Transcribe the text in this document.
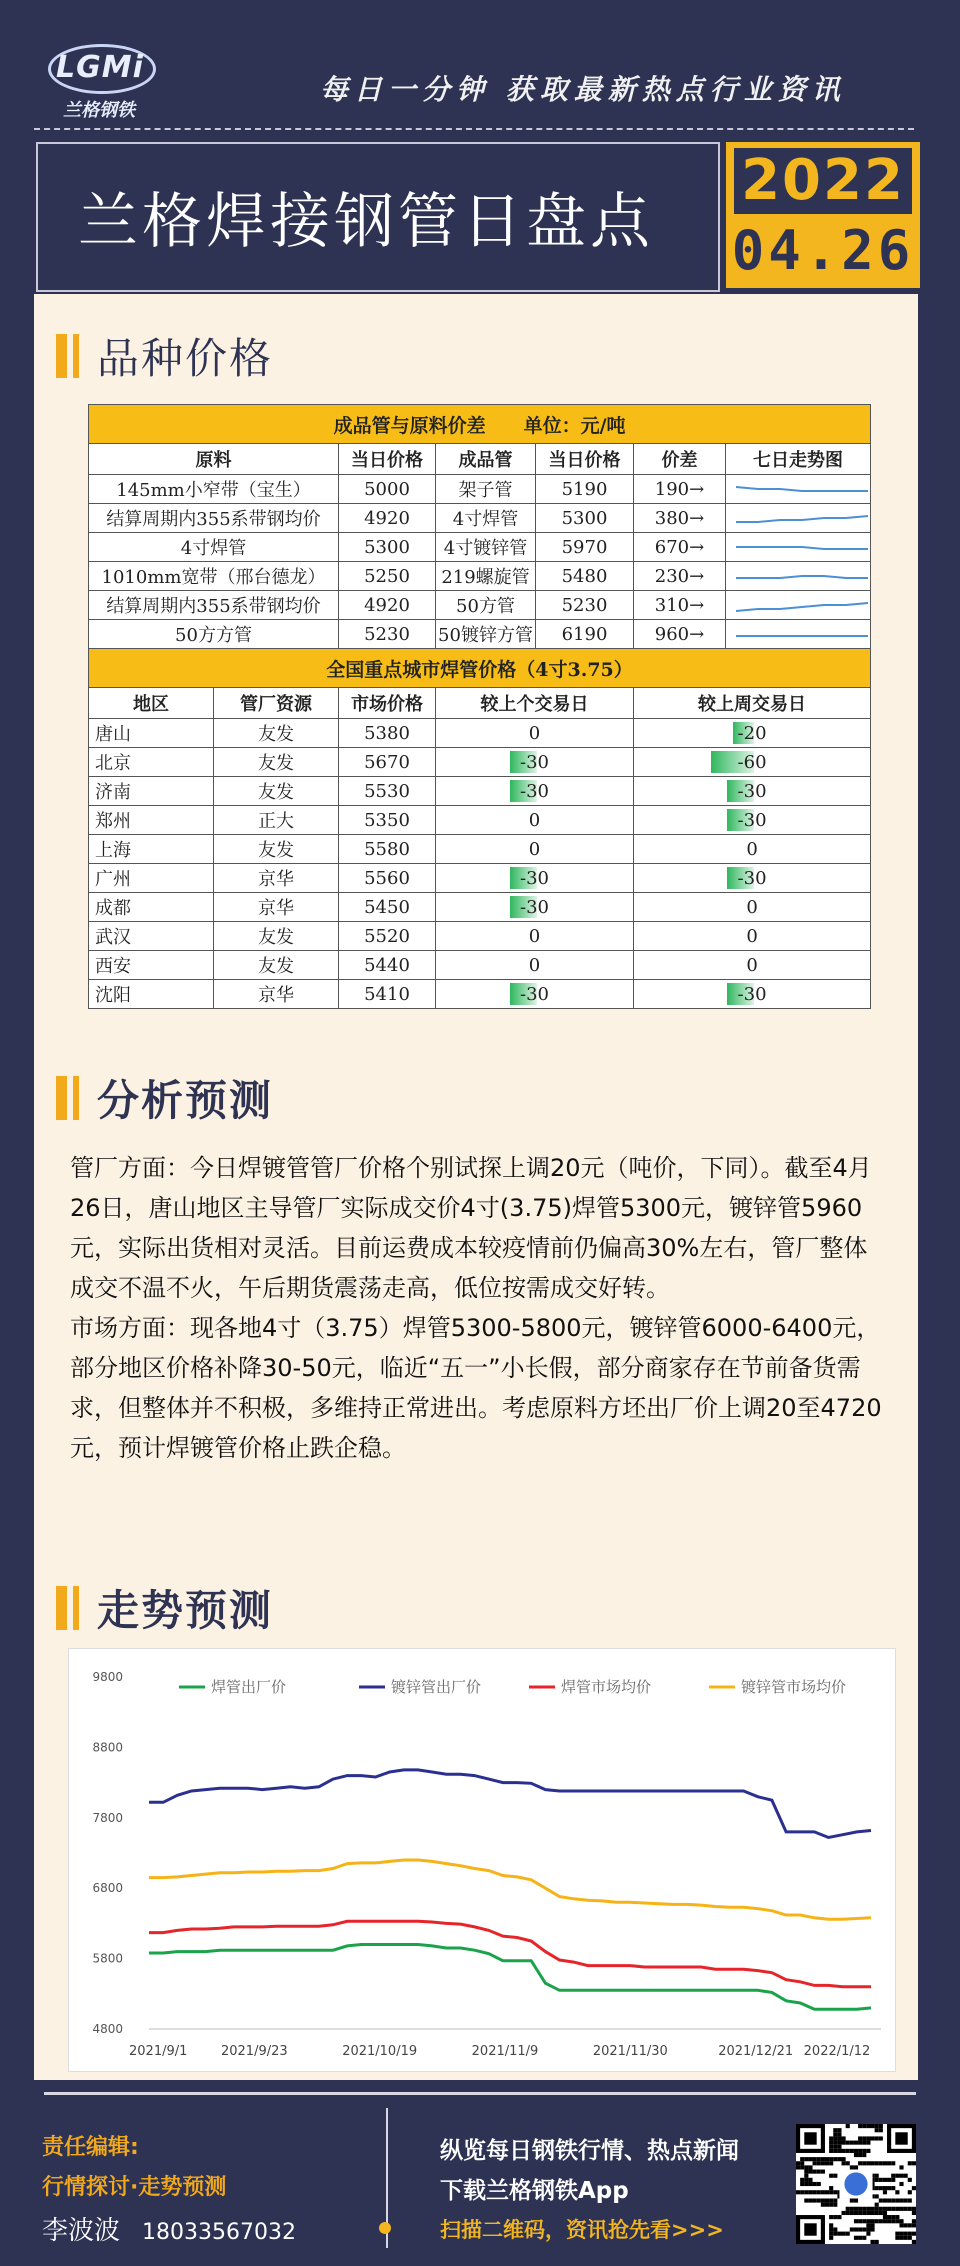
LGMi
兰格钢铁
每日一分钟 获取最新热点行业资讯
兰格焊接钢管日盘点
2022
04.26
品种价格
成品管与原料价差　　单位：元/吨						
原料		当日价格	成品管	当日价格	价差	七日走势图
145mm小窄带（宝生）		5000	架子管	5190	190→	

结算周期内355系带钢均价		4920	4寸焊管	5300	380→	

4寸焊管		5300	4寸镀锌管	5970	670→	

1010mm宽带（邢台德龙）		5250	219螺旋管	5480	230→	

结算周期内355系带钢均价		4920	50方管	5230	310→	

50方方管		5230	50镀锌方管	6190	960→	

全国重点城市焊管价格（4寸3.75）						
地区	管厂资源	市场价格	较上个交易日		较上周交易日	
唐山	友发	5380	0		-20	
北京	友发	5670	-30		-60	
济南	友发	5530	-30		-30	
郑州	正大	5350	0		-30	
上海	友发	5580	0		0	
广州	京华	5560	-30		-30	
成都	京华	5450	-30		0	
武汉	友发	5520	0		0	
西安	友发	5440	0		0	
沈阳	京华	5410	-30		-30	
分析预测

管厂方面：今日焊镀管管厂价格个别试探上调20元（吨价，下同）。截至4月26日，唐山地区主导管厂实际成交价4寸(3.75)焊管5300元，镀锌管5960元，实际出货相对灵活。目前运费成本较疫情前仍偏高30%左右，管厂整体成交不温不火，午后期货震荡走高，低位按需成交好转。

市场方面：现各地4寸（3.75）焊管5300-5800元，镀锌管6000-6400元，部分地区价格补降30-50元，临近“五一”小长假，部分商家存在节前备货需求，但整体并不积极，多维持正常进出。考虑原料方坯出厂价上调20至4720元，预计焊镀管价格止跌企稳。

走势预测
4800
5800
6800
7800
8800
9800
2021/9/1	2021/9/23	2021/10/19	2021/11/9	2021/11/30	2021/12/21 2022/1/12
焊管出厂价	镀锌管出厂价	焊管市场均价	镀锌管市场均价
责任编辑:
行情探讨·走势预测
李波波 18033567032
纵览每日钢铁行情、热点新闻
下载兰格钢铁App
扫描二维码，资讯抢先看>>>
